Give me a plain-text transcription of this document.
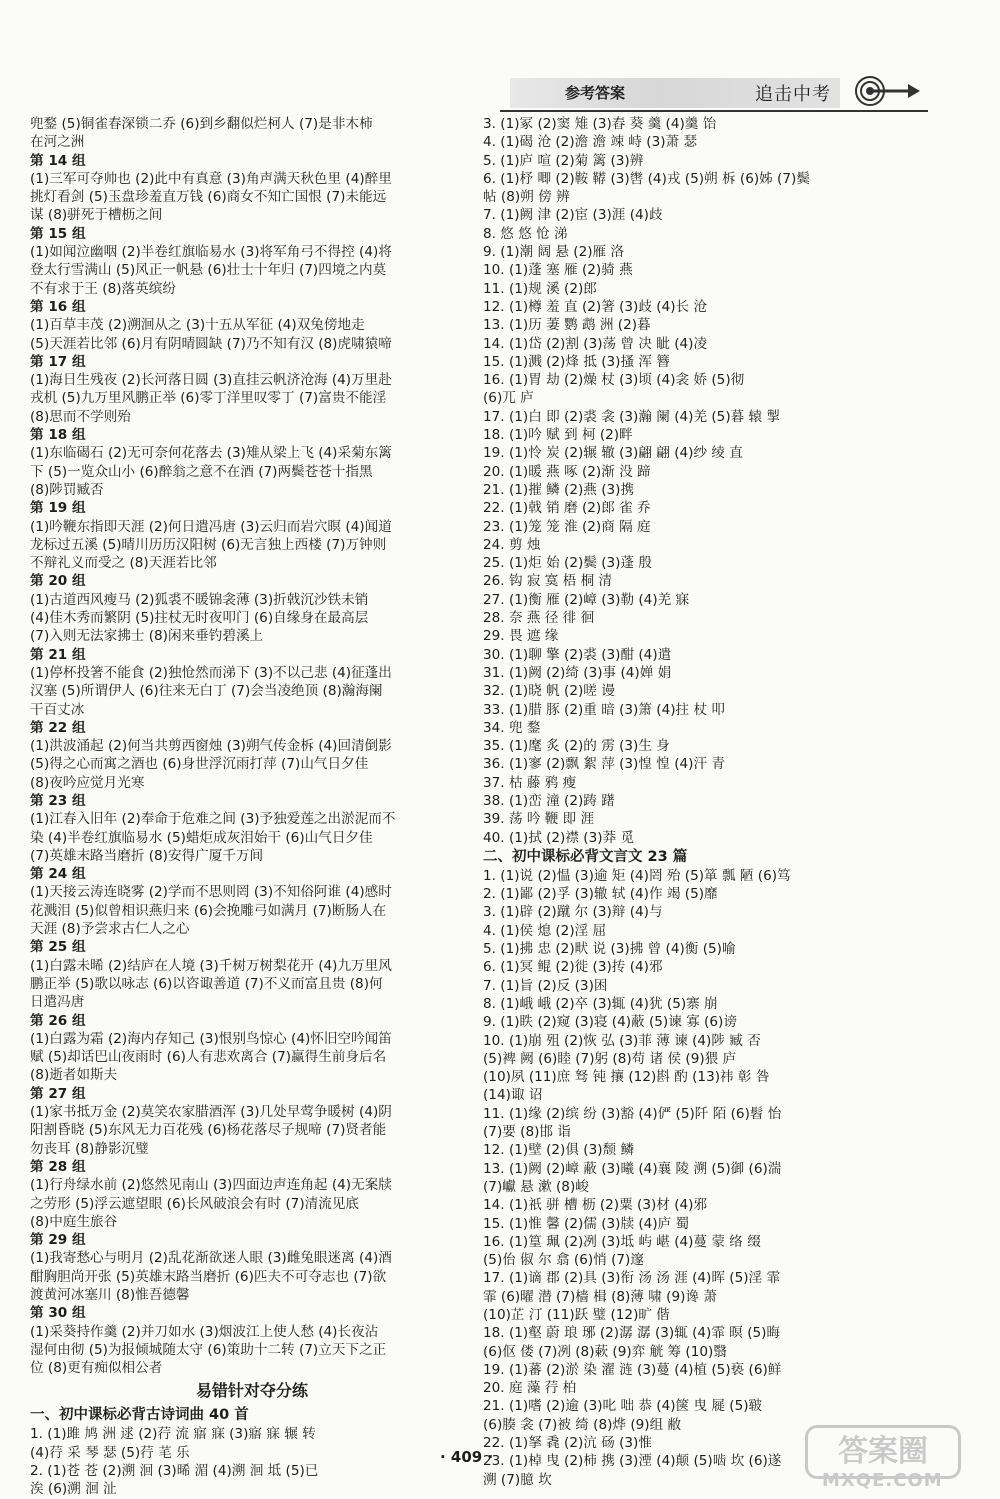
参考答案	追击中考
兜鍪 (5)铜雀春深锁二乔 (6)到乡翻似烂柯人 (7)是非木柿
在河之洲
第 14 组
(1)三军可夺帅也 (2)此中有真意 (3)角声满天秋色里 (4)醉里
挑灯看剑 (5)玉盘珍羞直万钱 (6)商女不知亡国恨 (7)未能远
谋 (8)骈死于槽枥之间
第 15 组
(1)如闻泣幽咽 (2)半卷红旗临易水 (3)将军角弓不得控 (4)将
登太行雪满山 (5)风正一帆悬 (6)壮士十年归 (7)四境之内莫
不有求于王 (8)落英缤纷
第 16 组
(1)百草丰茂 (2)溯洄从之 (3)十五从军征 (4)双兔傍地走
(5)天涯若比邻 (6)月有阴晴圆缺 (7)乃不知有汉 (8)虎啸猿啼
第 17 组
(1)海日生残夜 (2)长河落日圆 (3)直挂云帆济沧海 (4)万里赴
戎机 (5)九万里风鹏正举 (6)零丁洋里叹零丁 (7)富贵不能淫
(8)思而不学则殆
第 18 组
(1)东临碣石 (2)无可奈何花落去 (3)雉从梁上飞 (4)采菊东篱
下 (5)一览众山小 (6)醉翁之意不在酒 (7)两鬓苍苍十指黑
(8)陟罚臧否
第 19 组
(1)吟鞭东指即天涯 (2)何日遣冯唐 (3)云归而岩穴暝 (4)闻道
龙标过五溪 (5)晴川历历汉阳树 (6)无言独上西楼 (7)万钟则
不辩礼义而受之 (8)天涯若比邻
第 20 组
(1)古道西风瘦马 (2)狐裘不暖锦衾薄 (3)折戟沉沙铁未销
(4)佳木秀而繁阴 (5)拄杖无时夜叩门 (6)自缘身在最高层
(7)入则无法家拂士 (8)闲来垂钓碧溪上
第 21 组
(1)停杯投箸不能食 (2)独怆然而涕下 (3)不以己悲 (4)征蓬出
汉塞 (5)所谓伊人 (6)往来无白丁 (7)会当凌绝顶 (8)瀚海阑
干百丈冰
第 22 组
(1)洪波涌起 (2)何当共剪西窗烛 (3)朔气传金柝 (4)回清倒影
(5)得之心而寓之酒也 (6)身世浮沉雨打萍 (7)山气日夕佳
(8)夜吟应觉月光寒
第 23 组
(1)江春入旧年 (2)奉命于危难之间 (3)予独爱莲之出淤泥而不
染 (4)半卷红旗临易水 (5)蜡炬成灰泪始干 (6)山气日夕佳
(7)英雄末路当磨折 (8)安得广厦千万间
第 24 组
(1)天接云涛连晓雾 (2)学而不思则罔 (3)不知俗阿谁 (4)感时
花溅泪 (5)似曾相识燕归来 (6)会挽雕弓如满月 (7)断肠人在
天涯 (8)予尝求古仁人之心
第 25 组
(1)白露未晞 (2)结庐在人境 (3)千树万树梨花开 (4)九万里风
鹏正举 (5)歌以咏志 (6)以咨诹善道 (7)不义而富且贵 (8)何
日遣冯唐
第 26 组
(1)白露为霜 (2)海内存知己 (3)恨别鸟惊心 (4)怀旧空吟闻笛
赋 (5)却话巴山夜雨时 (6)人有悲欢离合 (7)赢得生前身后名
(8)逝者如斯夫
第 27 组
(1)家书抵万金 (2)莫笑农家腊酒浑 (3)几处早莺争暖树 (4)阴
阳割昏晓 (5)东风无力百花残 (6)杨花落尽子规啼 (7)贤者能
勿丧耳 (8)静影沉璧
第 28 组
(1)行舟绿水前 (2)悠然见南山 (3)四面边声连角起 (4)无案牍
之劳形 (5)浮云遮望眼 (6)长风破浪会有时 (7)清流见底
(8)中庭生旅谷
第 29 组
(1)我寄愁心与明月 (2)乱花渐欲迷人眼 (3)雌兔眼迷离 (4)酒
酣胸胆尚开张 (5)英雄末路当磨折 (6)匹夫不可夺志也 (7)欲
渡黄河冰塞川 (8)惟吾德馨
第 30 组
(1)采葵持作羹 (2)并刀如水 (3)烟波江上使人愁 (4)长夜沾
湿何由彻 (5)为报倾城随太守 (6)策助十二转 (7)立天下之正
位 (8)更有痴似相公者
易错针对夺分练
一、初中课标必背古诗词曲 40 首
1. (1)雎 鸠 洲 逑 (2)荇 流 寤 寐 (3)寤 寐 辗 转
(4)荇 采 琴 瑟 (5)荇 芼 乐
2. (1)苍 苍 (2)溯 洄 (3)晞 湄 (4)溯 洄 坻 (5)已
涘 (6)溯 洄 沚
3. (1)冢 (2)窦 雉 (3)舂 葵 羹 (4)羹 饴
4. (1)碣 沧 (2)澹 澹 竦 峙 (3)萧 瑟
5. (1)庐 喧 (2)菊 篱 (3)辨
6. (1)杼 唧 (2)鞍 鞯 (3)辔 (4)戎 (5)朔 柝 (6)姊 (7)鬓
帖 (8)朔 傍 辨
7. (1)阙 津 (2)宦 (3)涯 (4)歧
8. 悠 悠 怆 涕
9. (1)潮 阔 悬 (2)雁 洛
10. (1)蓬 塞 雁 (2)骑 燕
11. (1)规 溪 (2)郎
12. (1)樽 羞 直 (2)箸 (3)歧 (4)长 沧
13. (1)历 萋 鹦 鹉 洲 (2)暮
14. (1)岱 (2)割 (3)荡 曾 决 眦 (4)凌
15. (1)溅 (2)烽 抵 (3)搔 浑 簪
16. (1)胃 劫 (2)燥 杖 (3)顷 (4)衾 娇 (5)彻
(6)兀 庐
17. (1)白 即 (2)裘 衾 (3)瀚 阑 (4)羌 (5)暮 辕 掣
18. (1)吟 赋 到 柯 (2)畔
19. (1)怜 炭 (2)辗 辙 (3)翩 翩 (4)纱 绫 直
20. (1)暖 燕 啄 (2)渐 没 蹄
21. (1)摧 鳞 (2)燕 (3)携
22. (1)戟 销 磨 (2)郎 雀 乔
23. (1)笼 笼 淮 (2)商 隔 庭
24. 剪 烛
25. (1)炬 始 (2)鬓 (3)蓬 殷
26. 钩 寂 寞 梧 桐 清
27. (1)衡 雁 (2)嶂 (3)勒 (4)羌 寐
28. 奈 燕 径 徘 徊
29. 畏 遮 缘
30. (1)聊 擎 (2)裘 (3)酣 (4)遣
31. (1)阙 (2)绮 (3)事 (4)婵 娟
32. (1)晓 帆 (2)嗟 谩
33. (1)腊 豚 (2)重 暗 (3)箫 (4)拄 杖 叩
34. 兜 鍪
35. (1)麾 炙 (2)的 雳 (3)生 身
36. (1)寥 (2)飘 絮 萍 (3)惶 惶 (4)汗 青
37. 枯 藤 鸦 瘦
38. (1)峦 潼 (2)踌 躇
39. 荡 吟 鞭 即 涯
40. (1)拭 (2)襟 (3)莽 觅
二、初中课标必背文言文 23 篇
1. (1)说 (2)愠 (3)逾 矩 (4)罔 殆 (5)箪 瓢 陋 (6)笃
2. (1)鄙 (2)孚 (3)辙 轼 (4)作 竭 (5)靡
3. (1)辟 (2)蹴 尔 (3)辩 (4)与
4. (1)侯 熄 (2)淫 屈
5. (1)拂 忠 (2)畎 说 (3)拂 曾 (4)衡 (5)喻
6. (1)冥 鲲 (2)徙 (3)抟 (4)邪
7. (1)旨 (2)反 (3)困
8. (1)峨 峨 (2)卒 (3)辄 (4)犹 (5)寨 崩
9. (1)眣 (2)窥 (3)寝 (4)蔽 (5)谏 寡 (6)谤
10. (1)崩 殂 (2)恢 弘 (3)菲 薄 谏 (4)陟 臧 否
(5)裨 阙 (6)睦 (7)躬 (8)苟 诸 侯 (9)猥 庐
(10)夙 (11)庶 驽 钝 攘 (12)斟 酌 (13)祎 彰 咎
(14)诹 诏
11. (1)缘 (2)缤 纷 (3)豁 (4)俨 (5)阡 陌 (6)髫 怡
(7)要 (8)邯 诣
12. (1)壁 (2)俱 (3)颓 鳞
13. (1)阙 (2)嶂 蔽 (3)曦 (4)襄 陵 溯 (5)御 (6)湍
(7)巘 悬 漱 (8)峻
14. (1)祇 骈 槽 枥 (2)粟 (3)材 (4)邪
15. (1)惟 馨 (2)儒 (3)牍 (4)庐 蜀
16. (1)篁 珮 (2)冽 (3)坻 屿 嵁 (4)蔓 蒙 络 缀
(5)佁 俶 尔 翕 (6)悄 (7)邃
17. (1)谪 郡 (2)具 (3)衔 汤 汤 涯 (4)晖 (5)淫 霏
霏 (6)曜 潜 (7)樯 楫 (8)薄 啸 (9)谗 萧
(10)芷 汀 (11)跃 璧 (12)旷 偕
18. (1)壑 蔚 琅 琊 (2)潺 潺 (3)辄 (4)霏 暝 (5)晦
(6)伛 偻 (7)冽 (8)蔌 (9)弈 觥 筹 (10)翳
19. (1)蕃 (2)淤 染 濯 涟 (3)蔓 (4)植 (5)亵 (6)鲜
20. 庭 藻 荇 柏
21. (1)嗜 (2)逾 (3)叱 咄 恭 (4)箧 曳 屣 (5)皲
(6)腠 衾 (7)被 绮 (8)烨 (9)组 敝
22. (1)拏 毳 (2)沆 砀 (3)惟
23. (1)棹 曳 (2)柿 携 (3)湮 (4)颠 (5)啮 坎 (6)遂
溯 (7)臆 坎
· 409 ·	答案圈
MXQE.COM
